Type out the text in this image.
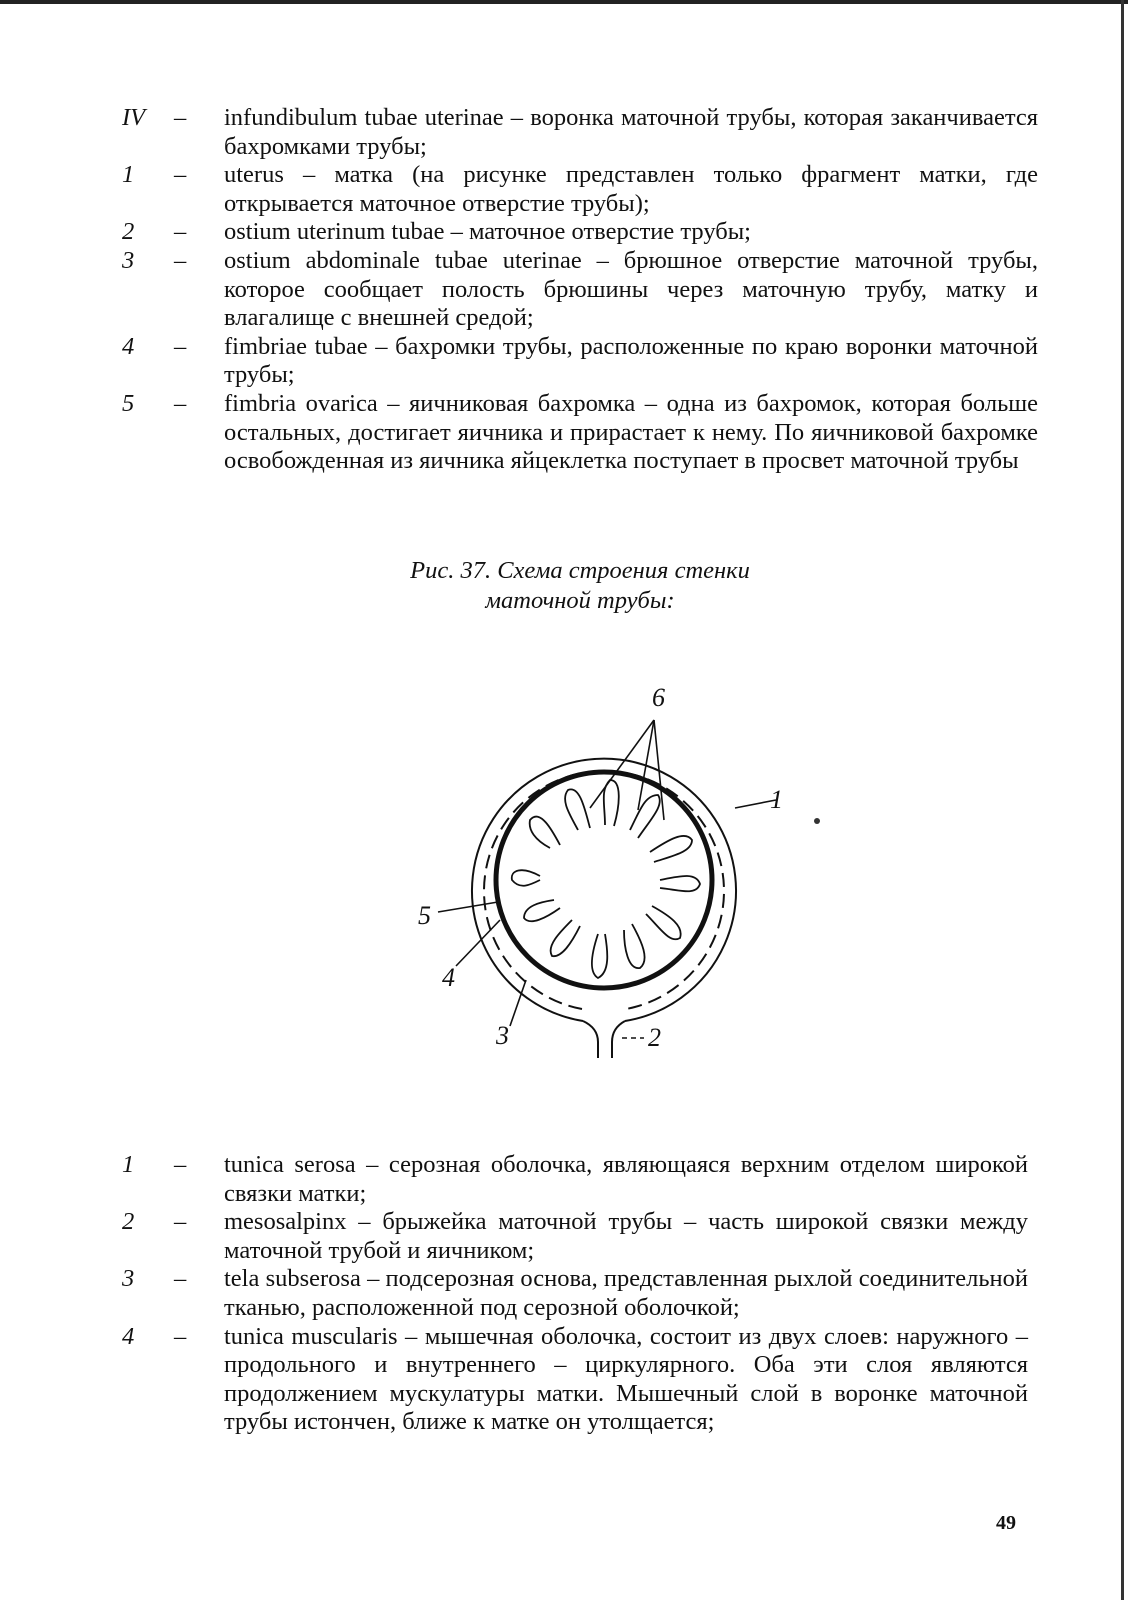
IV	–	infundibulum tubae uterinae – воронка маточной трубы, которая заканчивается бахромками трубы;
1	–	uterus – матка (на рисунке представлен только фрагмент матки, где открывается маточное отверстие трубы);
2	–	ostium uterinum tubae – маточное отверстие трубы;
3	–	ostium abdominale tubae uterinae – брюшное отверстие маточной трубы, которое сообщает полость брюшины через маточную трубу, матку и влагалище с внешней средой;
4	–	fimbriae tubae – бахромки трубы, расположенные по краю воронки маточной трубы;
5	–	fimbria ovarica – яичниковая бахромка – одна из бахромок, которая больше остальных, достигает яичника и прирастает к нему. По яичниковой бахромке освобожденная из яичника яйцеклетка поступает в просвет маточной трубы
Рис. 37. Схема строения стенки
маточной трубы:
6
1
5
4
3	2
1	–	tunica serosa – серозная оболочка, являющаяся верхним отделом широкой связки матки;
2	–	mesosalpinx – брыжейка маточной трубы – часть широкой связки между маточной трубой и яичником;
3	–	tela subserosa – подсерозная основа, представленная рыхлой соединительной тканью, расположенной под серозной оболочкой;
4	–	tunica muscularis – мышечная оболочка, состоит из двух слоев: наружного – продольного и внутреннего – циркулярного. Оба эти слоя являются продолжением мускулатуры матки. Мышечный слой в воронке маточной трубы истончен, ближе к матке он утолщается;
49
